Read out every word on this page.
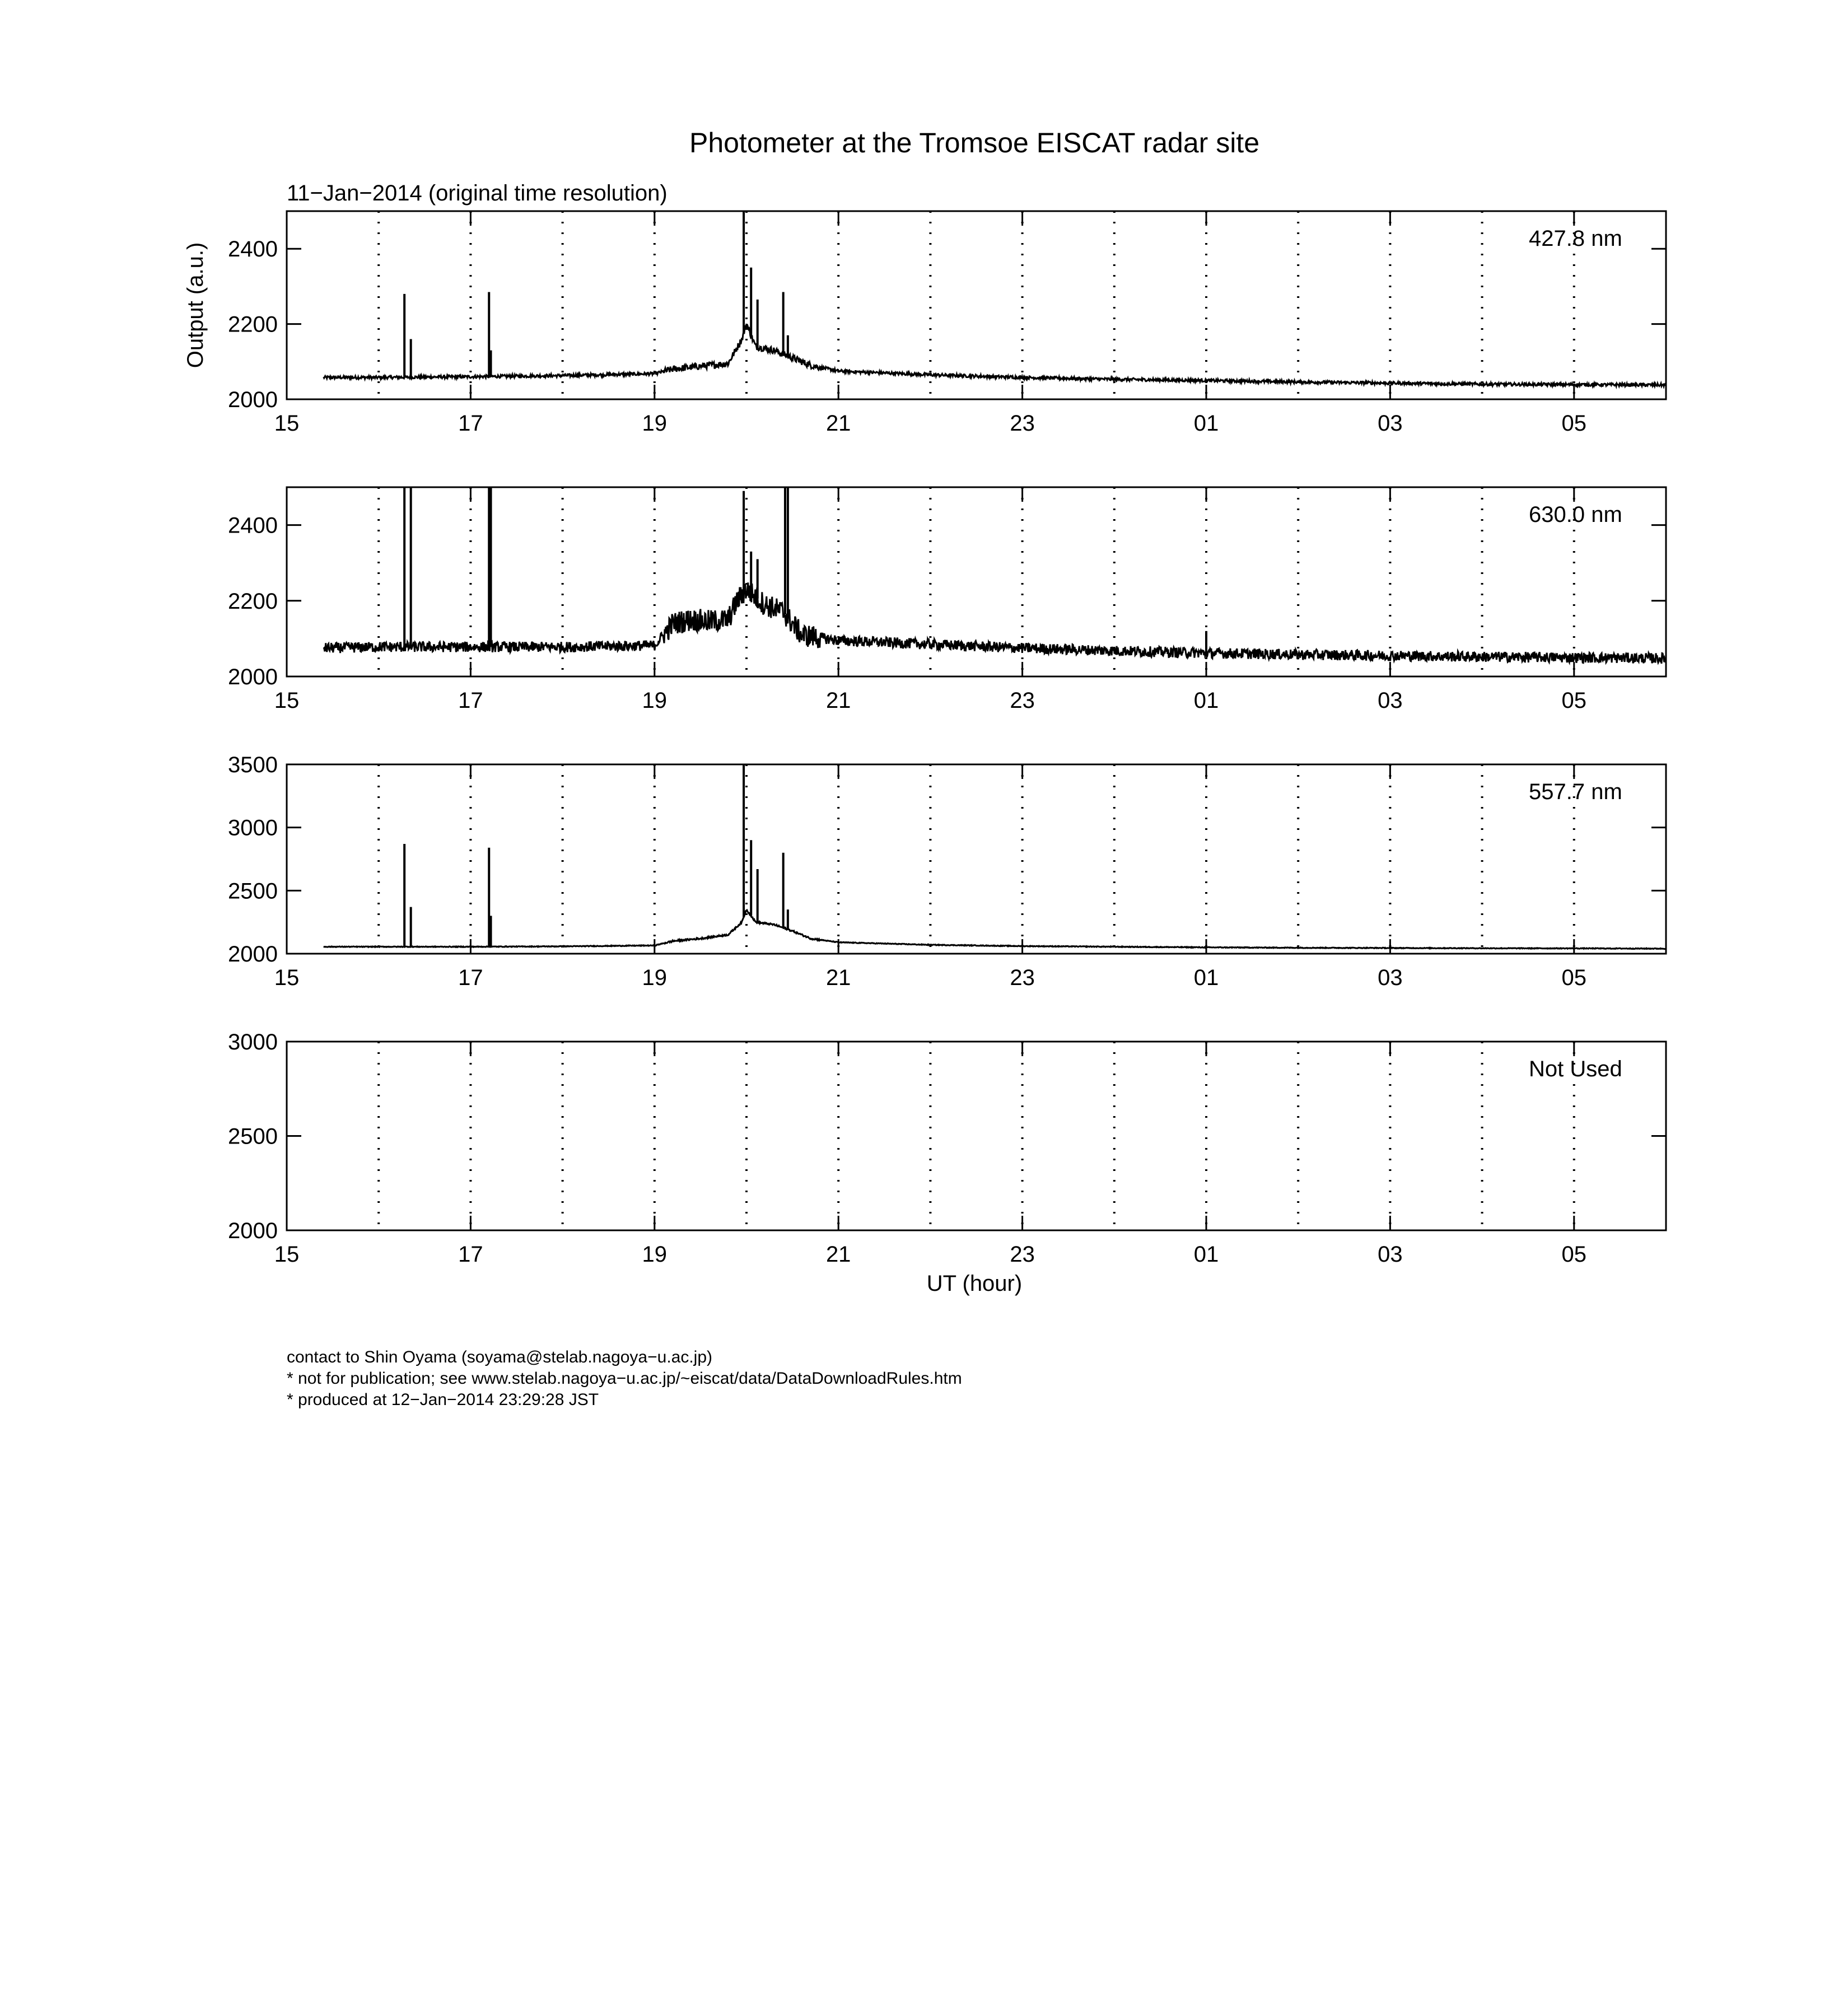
Photometer at the Tromsoe EISCAT radar site
11−Jan−2014 (original time resolution)
Output (a.u.)
UT (hour)
2000
2200
2400
15	17	19	21	23	01	03	05
427.8 nm
2000
2200
2400
15	17	19	21	23	01	03	05
630.0 nm
2000
2500
3000
3500
15	17	19	21	23	01	03	05
557.7 nm
2000
2500
3000
15	17	19	21	23	01	03	05
Not Used
contact to Shin Oyama (soyama@stelab.nagoya−u.ac.jp)
* not for publication; see www.stelab.nagoya−u.ac.jp/~eiscat/data/DataDownloadRules.htm
* produced at 12−Jan−2014 23:29:28 JST
